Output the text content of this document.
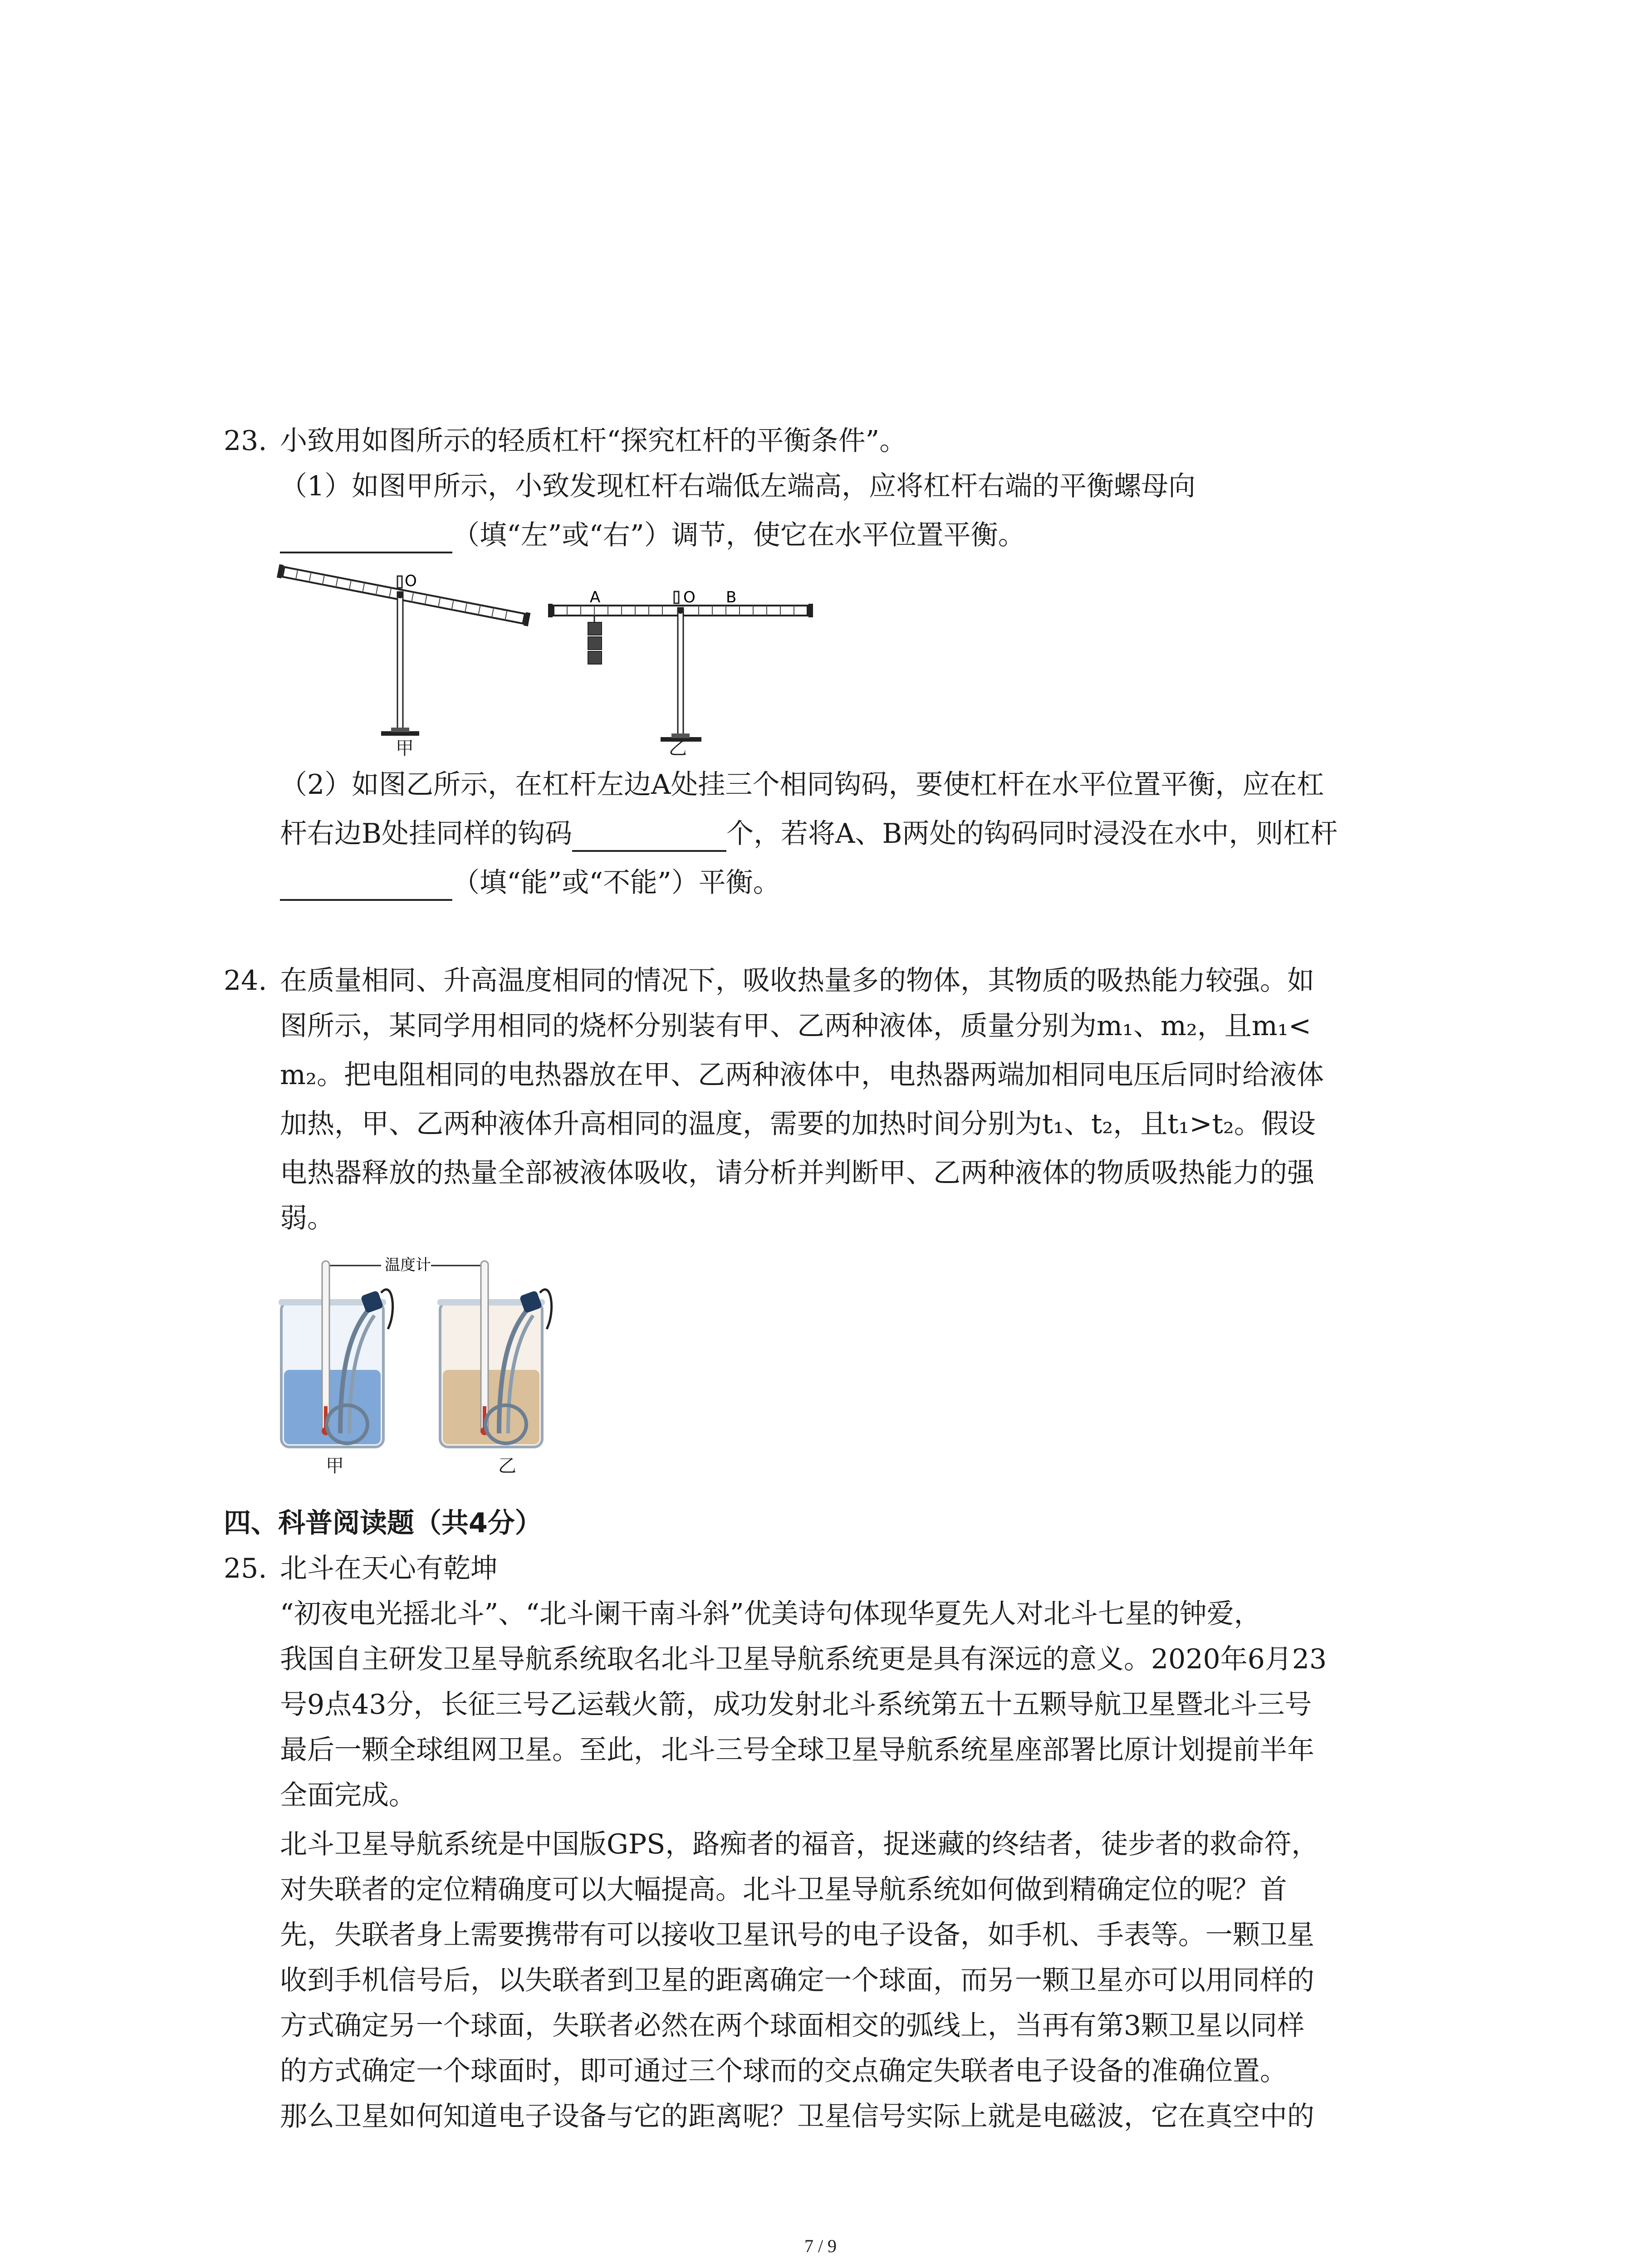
23. 小致用如图所示的轻质杠杆“探究杠杆的平衡条件”。
（1）如图甲所示，小致发现杠杆右端低左端高，应将杠杆右端的平衡螺母向
（填“左”或“右”）调节，使它在水平位置平衡。
O
甲
O
A	B
乙
（2）如图乙所示，在杠杆左边A处挂三个相同钩码，要使杠杆在水平位置平衡，应在杠
杆右边B处挂同样的钩码	个，若将A、B两处的钩码同时浸没在水中，则杠杆
（填“能”或“不能”）平衡。
24. 在质量相同、升高温度相同的情况下，吸收热量多的物体，其物质的吸热能力较强。如
图所示，某同学用相同的烧杯分别装有甲、乙两种液体，质量分别为m₁、m₂，且m₁<
m₂。把电阻相同的电热器放在甲、乙两种液体中，电热器两端加相同电压后同时给液体
加热，甲、乙两种液体升高相同的温度，需要的加热时间分别为t₁、t₂，且t₁>t₂。假设
电热器释放的热量全部被液体吸收，请分析并判断甲、乙两种液体的物质吸热能力的强
弱。
温度计
甲	乙
四、科普阅读题（共4分）
25. 北斗在天心有乾坤
“初夜电光摇北斗”、“北斗阑干南斗斜”优美诗句体现华夏先人对北斗七星的钟爱，
我国自主研发卫星导航系统取名北斗卫星导航系统更是具有深远的意义。2020年6月23
号9点43分，长征三号乙运载火箭，成功发射北斗系统第五十五颗导航卫星暨北斗三号
最后一颗全球组网卫星。至此，北斗三号全球卫星导航系统星座部署比原计划提前半年
全面完成。
北斗卫星导航系统是中国版GPS，路痴者的福音，捉迷藏的终结者，徒步者的救命符，
对失联者的定位精确度可以大幅提高。北斗卫星导航系统如何做到精确定位的呢？首
先，失联者身上需要携带有可以接收卫星讯号的电子设备，如手机、手表等。一颗卫星
收到手机信号后，以失联者到卫星的距离确定一个球面，而另一颗卫星亦可以用同样的
方式确定另一个球面，失联者必然在两个球面相交的弧线上，当再有第3颗卫星以同样
的方式确定一个球面时，即可通过三个球而的交点确定失联者电子设备的准确位置。
那么卫星如何知道电子设备与它的距离呢？卫星信号实际上就是电磁波，它在真空中的
7 / 9
